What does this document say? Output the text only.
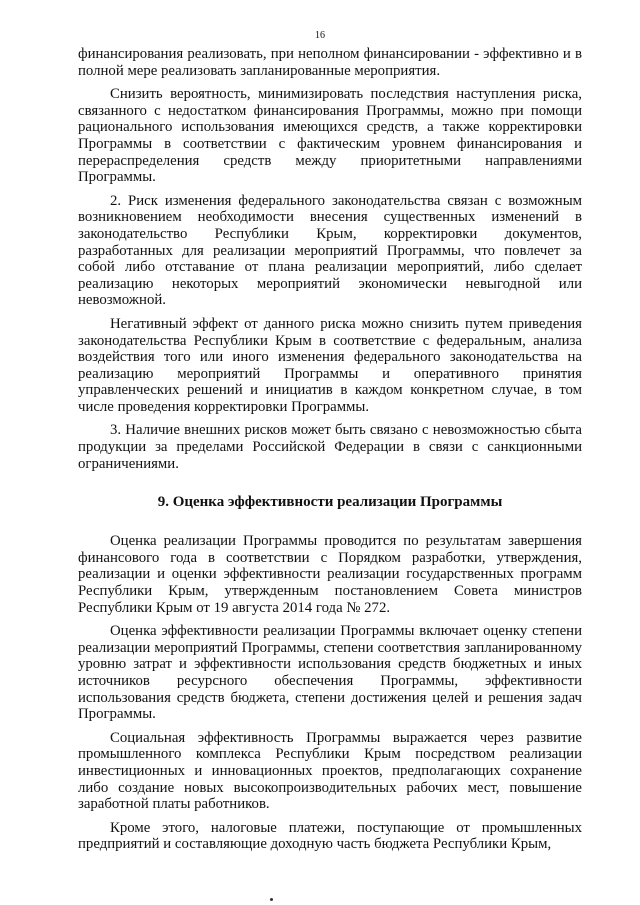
16

финансирования реализовать, при неполном финансировании - эффективно и в полной мере реализовать запланированные мероприятия.

Снизить вероятность, минимизировать последствия наступления риска, связанного с недостатком финансирования Программы, можно при помощи рационального использования имеющихся средств, а также корректировки Программы в соответствии с фактическим уровнем финансирования и перераспределения средств между приоритетными направлениями Программы.

2. Риск изменения федерального законодательства связан с возможным возникновением необходимости внесения существенных изменений в законодательство Республики Крым, корректировки документов, разработанных для реализации мероприятий Программы, что повлечет за собой либо отставание от плана реализации мероприятий, либо сделает реализацию некоторых мероприятий экономически невыгодной или невозможной.

Негативный эффект от данного риска можно снизить путем приведения законодательства Республики Крым в соответствие с федеральным, анализа воздействия того или иного изменения федерального законодательства на реализацию мероприятий Программы и оперативного принятия управленческих решений и инициатив в каждом конкретном случае, в том числе проведения корректировки Программы.

3. Наличие внешних рисков может быть связано с невозможностью сбыта продукции за пределами Российской Федерации в связи с санкционными ограничениями.

9. Оценка эффективности реализации Программы

Оценка реализации Программы проводится по результатам завершения финансового года в соответствии с Порядком разработки, утверждения, реализации и оценки эффективности реализации государственных программ Республики Крым, утвержденным постановлением Совета министров Республики Крым от 19 августа 2014 года № 272.

Оценка эффективности реализации Программы включает оценку степени реализации мероприятий Программы, степени соответствия запланированному уровню затрат и эффективности использования средств бюджетных и иных источников ресурсного обеспечения Программы, эффективности использования средств бюджета, степени достижения целей и решения задач Программы.

Социальная эффективность Программы выражается через развитие промышленного комплекса Республики Крым посредством реализации инвестиционных и инновационных проектов, предполагающих сохранение либо создание новых высокопроизводительных рабочих мест, повышение заработной платы работников.

Кроме этого, налоговые платежи, поступающие от промышленных предприятий и составляющие доходную часть бюджета Республики Крым,
